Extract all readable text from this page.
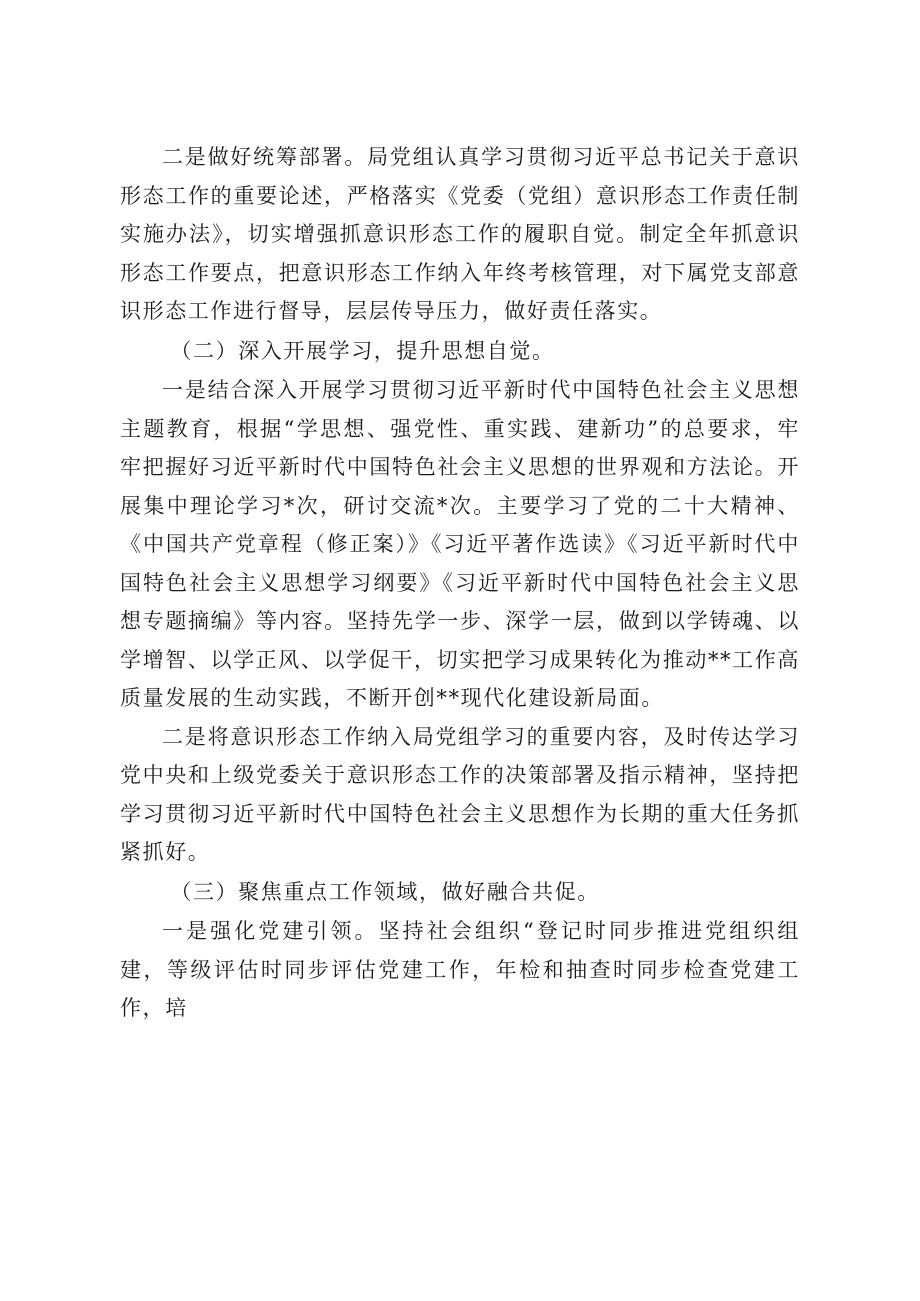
二是做好统筹部署。局党组认真学习贯彻习近平总书记关于意识形态工作的重要论述，严格落实《党委（党组）意识形态工作责任制实施办法》，切实增强抓意识形态工作的履职自觉。制定全年抓意识形态工作要点，把意识形态工作纳入年终考核管理，对下属党支部意识形态工作进行督导，层层传导压力，做好责任落实。

（二）深入开展学习，提升思想自觉。

一是结合深入开展学习贯彻习近平新时代中国特色社会主义思想主题教育，根据“学思想、强党性、重实践、建新功”的总要求，牢牢把握好习近平新时代中国特色社会主义思想的世界观和方法论。开展集中理论学习*次，研讨交流*次。主要学习了党的二十大精神、《中国共产党章程（修正案）》《习近平著作选读》《习近平新时代中国特色社会主义思想学习纲要》《习近平新时代中国特色社会主义思想专题摘编》等内容。坚持先学一步、深学一层，做到以学铸魂、以学增智、以学正风、以学促干，切实把学习成果转化为推动**工作高质量发展的生动实践，不断开创**现代化建设新局面。

二是将意识形态工作纳入局党组学习的重要内容，及时传达学习党中央和上级党委关于意识形态工作的决策部署及指示精神，坚持把学习贯彻习近平新时代中国特色社会主义思想作为长期的重大任务抓紧抓好。

（三）聚焦重点工作领域，做好融合共促。

一是强化党建引领。坚持社会组织“登记时同步推进党组织组建，等级评估时同步评估党建工作，年检和抽查时同步检查党建工作，培
